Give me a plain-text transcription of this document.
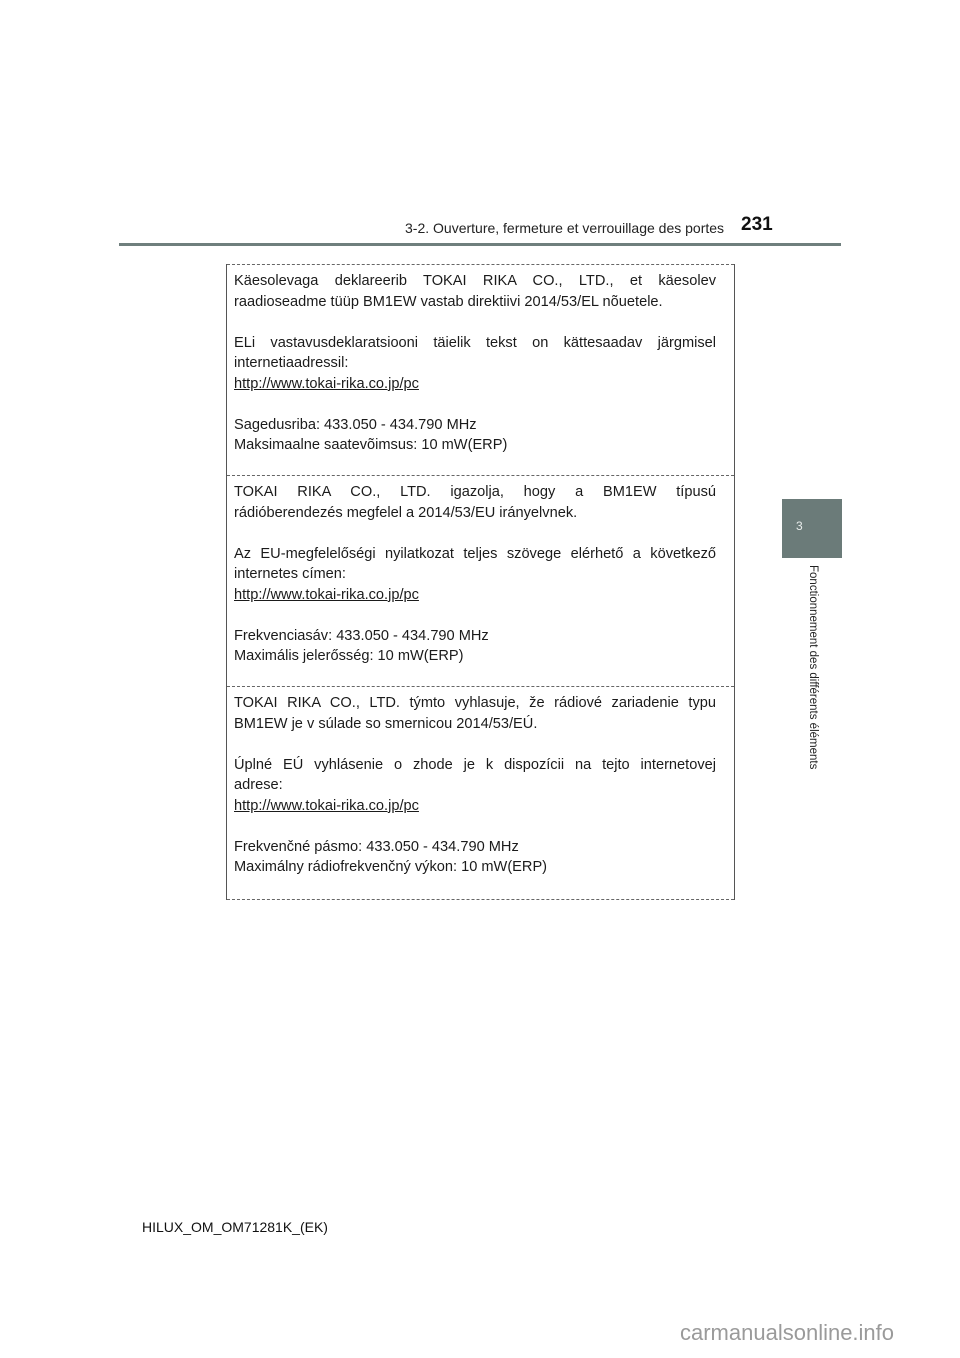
3-2. Ouverture, fermeture et verrouillage des portes 231
3
Fonctionnement des différents éléments

Käesolevaga deklareerib TOKAI RIKA CO., LTD., et käesolev

raadioseadme tüüp BM1EW vastab direktiivi 2014/53/EL nõuetele.

ELi vastavusdeklaratsiooni täielik tekst on kättesaadav järgmisel

internetiaadressil:

http://www.tokai-rika.co.jp/pc

Sagedusriba: 433.050 - 434.790 MHz

Maksimaalne saatevõimsus: 10 mW(ERP)

TOKAI RIKA CO., LTD. igazolja, hogy a BM1EW típusú

rádióberendezés megfelel a 2014/53/EU irányelvnek.

Az EU-megfelelőségi nyilatkozat teljes szövege elérhető a következő

internetes címen:

http://www.tokai-rika.co.jp/pc

Frekvenciasáv: 433.050 - 434.790 MHz

Maximális jelerősség: 10 mW(ERP)

TOKAI RIKA CO., LTD. týmto vyhlasuje, že rádiové zariadenie typu

BM1EW je v súlade so smernicou 2014/53/EÚ.

Úplné EÚ vyhlásenie o zhode je k dispozícii na tejto internetovej

adrese:

http://www.tokai-rika.co.jp/pc

Frekvenčné pásmo: 433.050 - 434.790 MHz

Maximálny rádiofrekvenčný výkon: 10 mW(ERP)

HILUX_OM_OM71281K_(EK)
carmanualsonline.info
